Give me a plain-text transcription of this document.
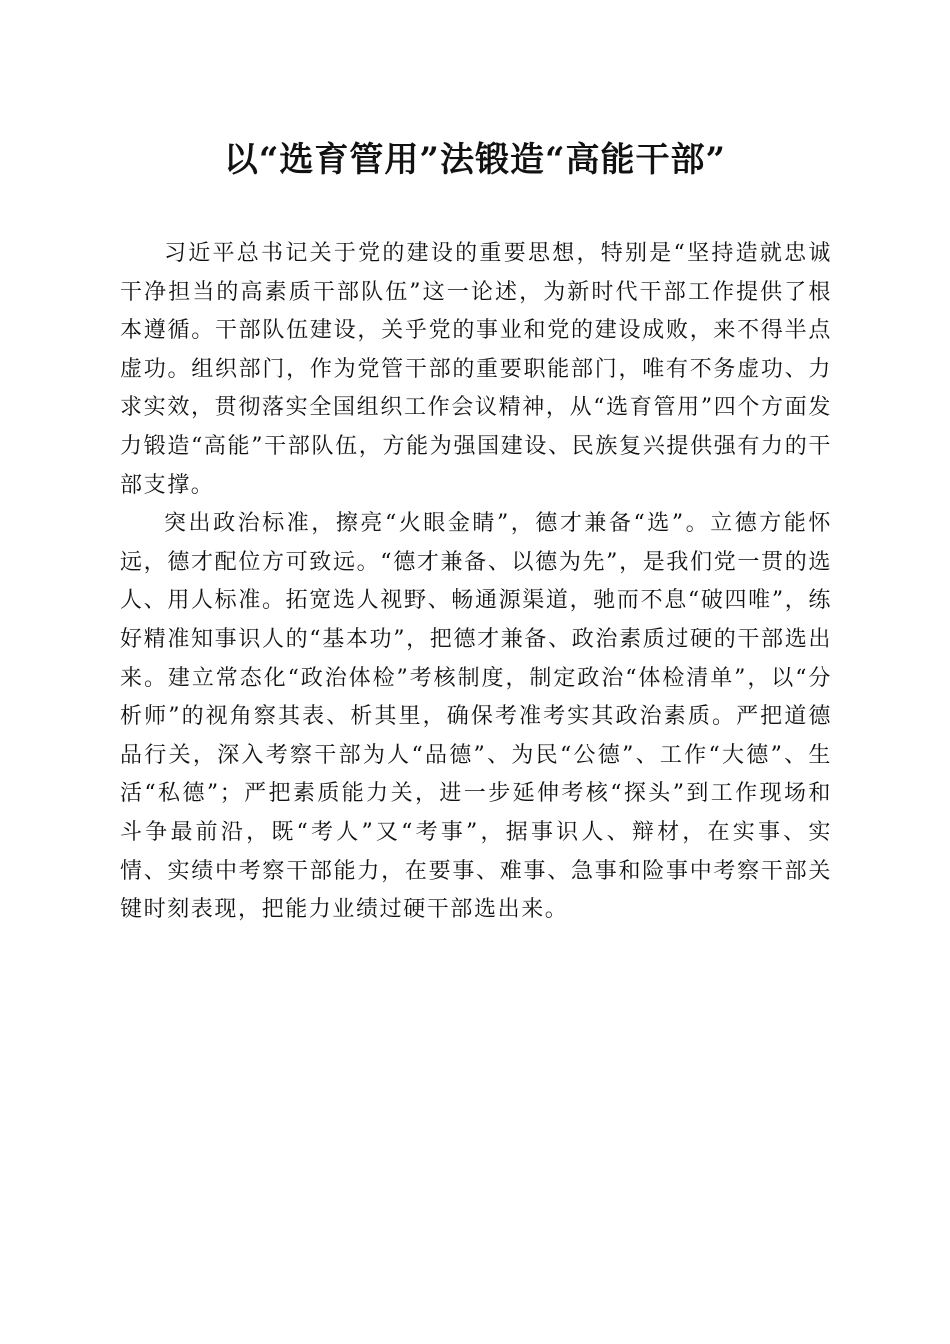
以“选育管用”法锻造“高能干部”

习近平总书记关于党的建设的重要思想，特别是“坚持造就忠诚干净担当的高素质干部队伍”这一论述，为新时代干部工作提供了根本遵循。干部队伍建设，关乎党的事业和党的建设成败，来不得半点虚功。组织部门，作为党管干部的重要职能部门，唯有不务虚功、力求实效，贯彻落实全国组织工作会议精神，从“选育管用”四个方面发力锻造“高能”干部队伍，方能为强国建设、民族复兴提供强有力的干部支撑。

突出政治标准，擦亮“火眼金睛”，德才兼备“选”。立德方能怀远，德才配位方可致远。“德才兼备、以德为先”，是我们党一贯的选人、用人标准。拓宽选人视野、畅通源渠道，驰而不息“破四唯”，练好精准知事识人的“基本功”，把德才兼备、政治素质过硬的干部选出来。建立常态化“政治体检”考核制度，制定政治“体检清单”，以“分析师”的视角察其表、析其里，确保考准考实其政治素质。严把道德品行关，深入考察干部为人“品德”、为民“公德”、工作“大德”、生活“私德”；严把素质能力关，进一步延伸考核“探头”到工作现场和斗争最前沿，既“考人”又“考事”，据事识人、辩材，在实事、实情、实绩中考察干部能力，在要事、难事、急事和险事中考察干部关键时刻表现，把能力业绩过硬干部选出来。
